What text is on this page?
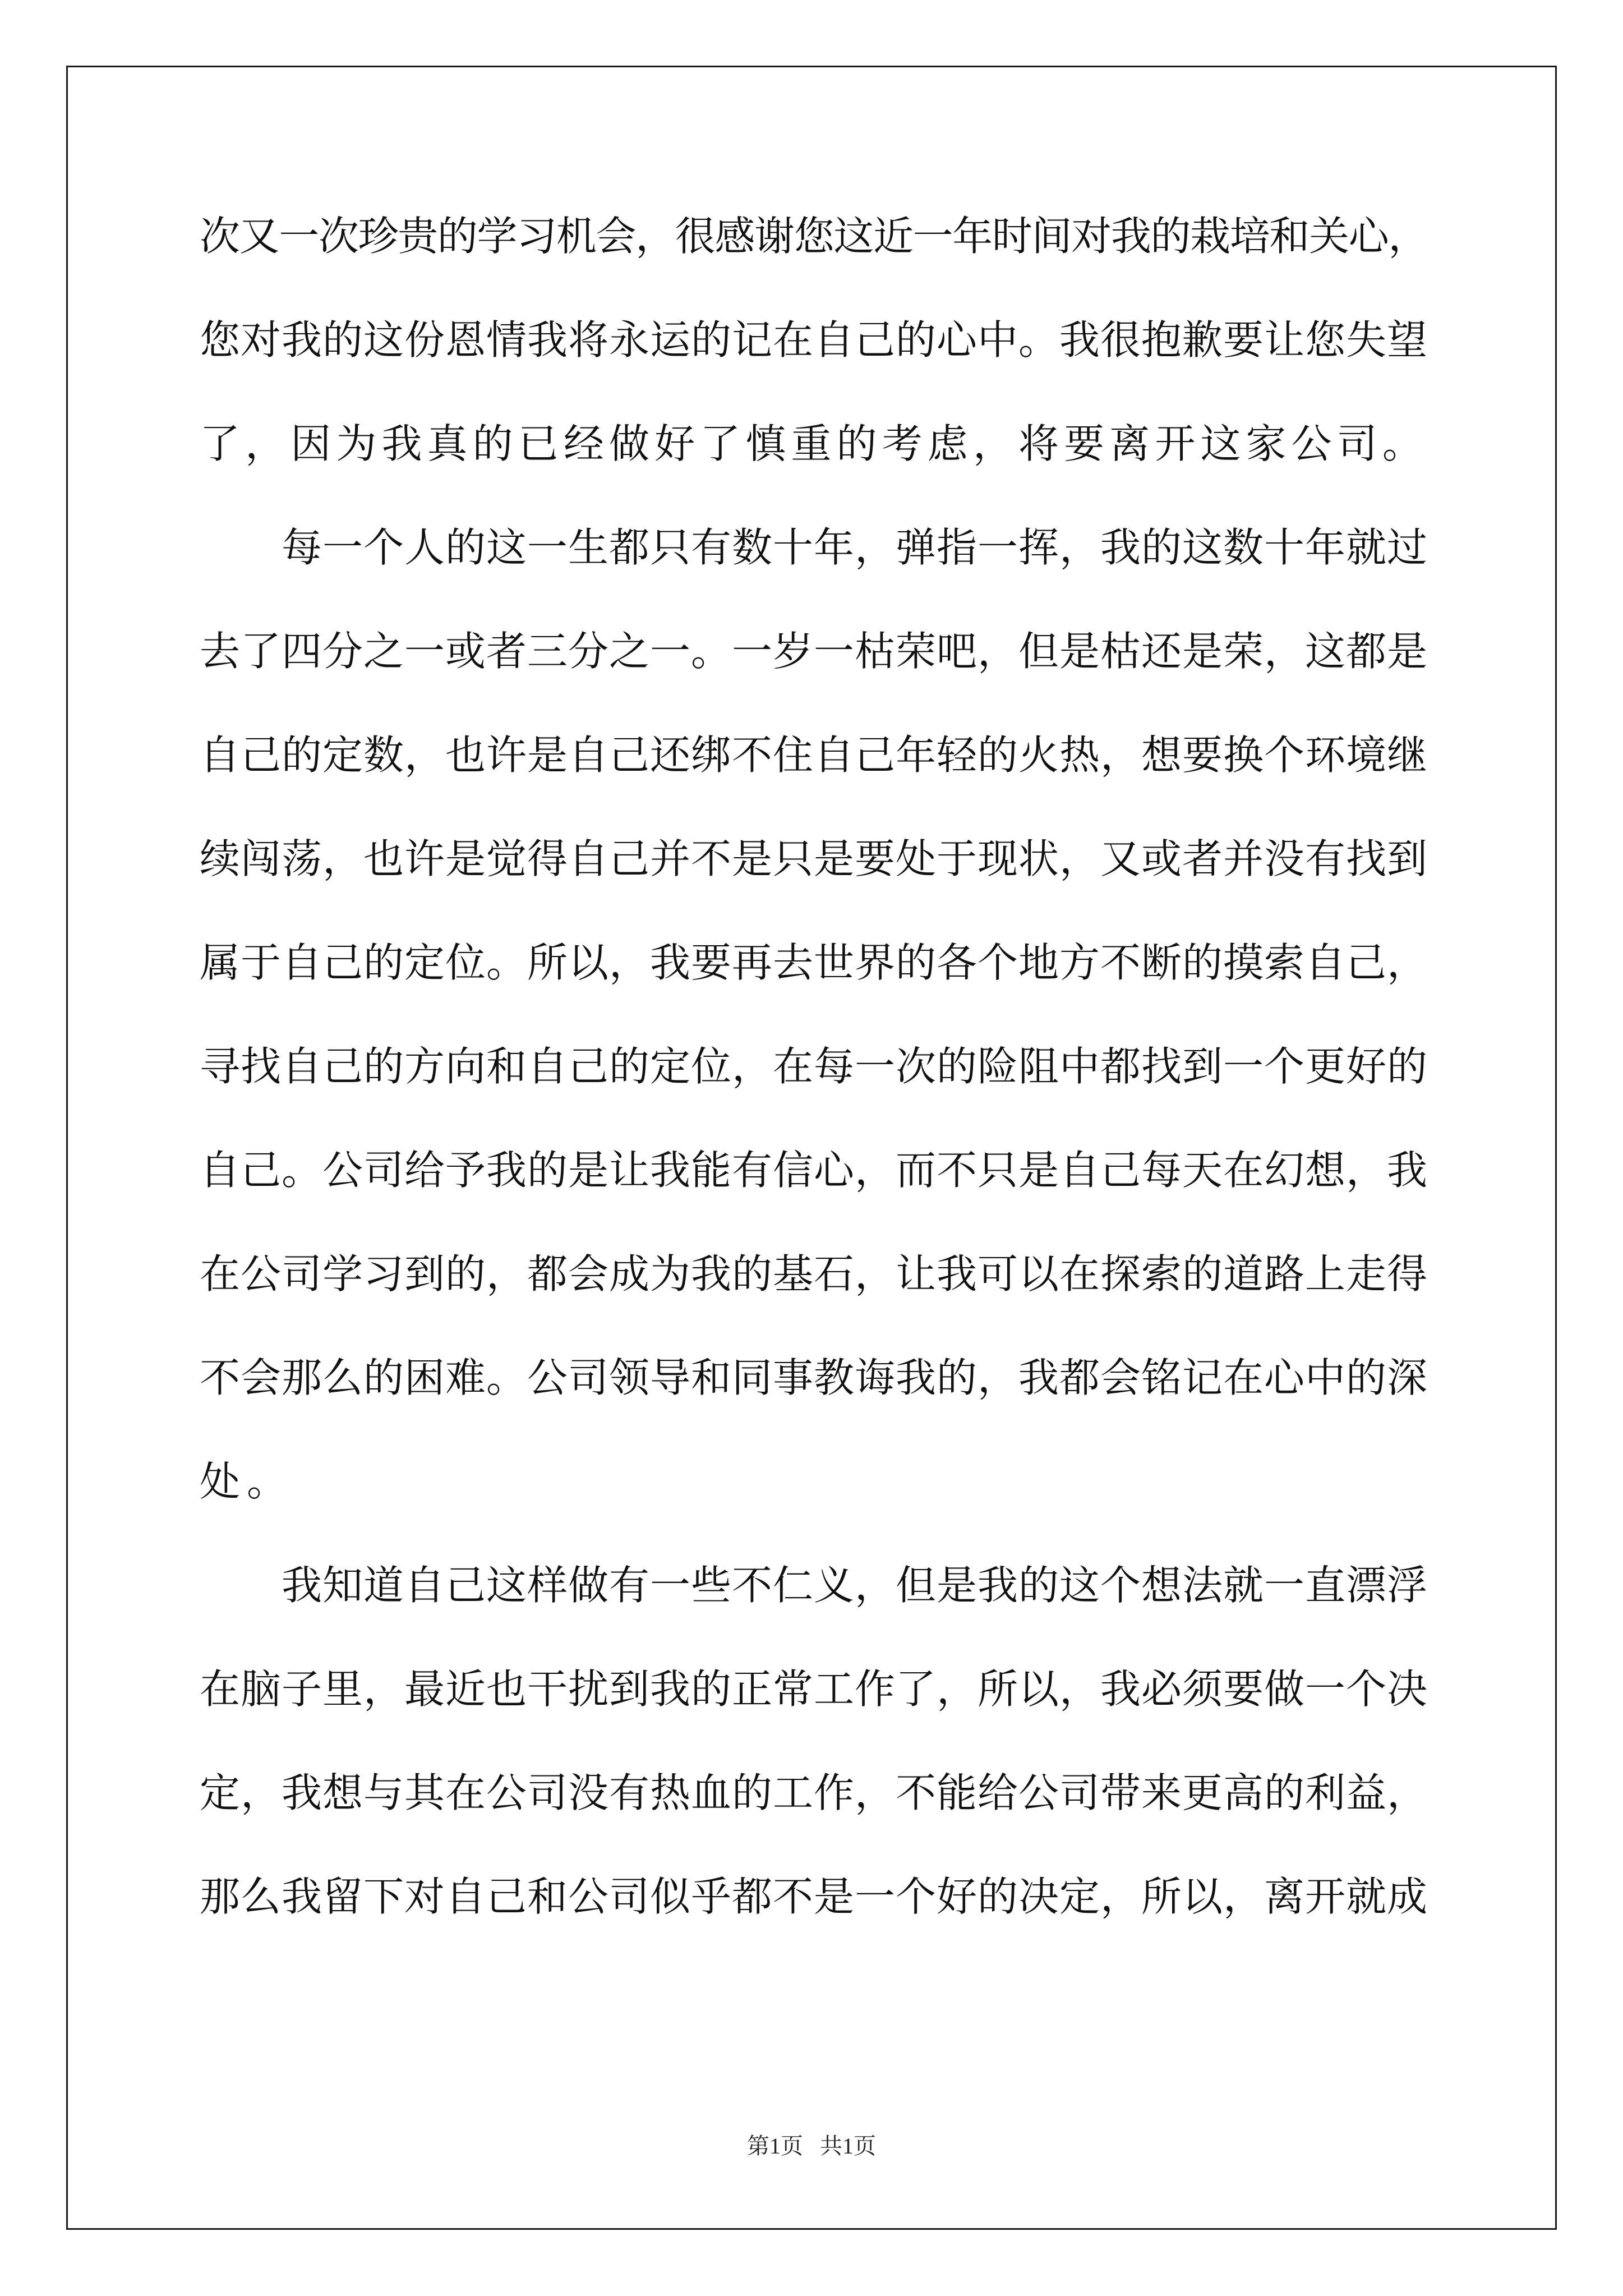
次又一次珍贵的学习机会，很感谢您这近一年时间对我的栽培和关心，
您对我的这份恩情我将永运的记在自己的心中。我很抱歉要让您失望
了，因为我真的已经做好了慎重的考虑，将要离开这家公司。
　　每一个人的这一生都只有数十年，弹指一挥，我的这数十年就过
去了四分之一或者三分之一。一岁一枯荣吧，但是枯还是荣，这都是
自己的定数，也许是自己还绑不住自己年轻的火热，想要换个环境继
续闯荡，也许是觉得自己并不是只是要处于现状，又或者并没有找到
属于自己的定位。所以，我要再去世界的各个地方不断的摸索自己，
寻找自己的方向和自己的定位，在每一次的险阻中都找到一个更好的
自己。公司给予我的是让我能有信心，而不只是自己每天在幻想，我
在公司学习到的，都会成为我的基石，让我可以在探索的道路上走得
不会那么的困难。公司领导和同事教诲我的，我都会铭记在心中的深
处。
　　我知道自己这样做有一些不仁义，但是我的这个想法就一直漂浮
在脑子里，最近也干扰到我的正常工作了，所以，我必须要做一个决
定，我想与其在公司没有热血的工作，不能给公司带来更高的利益，
那么我留下对自己和公司似乎都不是一个好的决定，所以，离开就成
第1页 共1页
